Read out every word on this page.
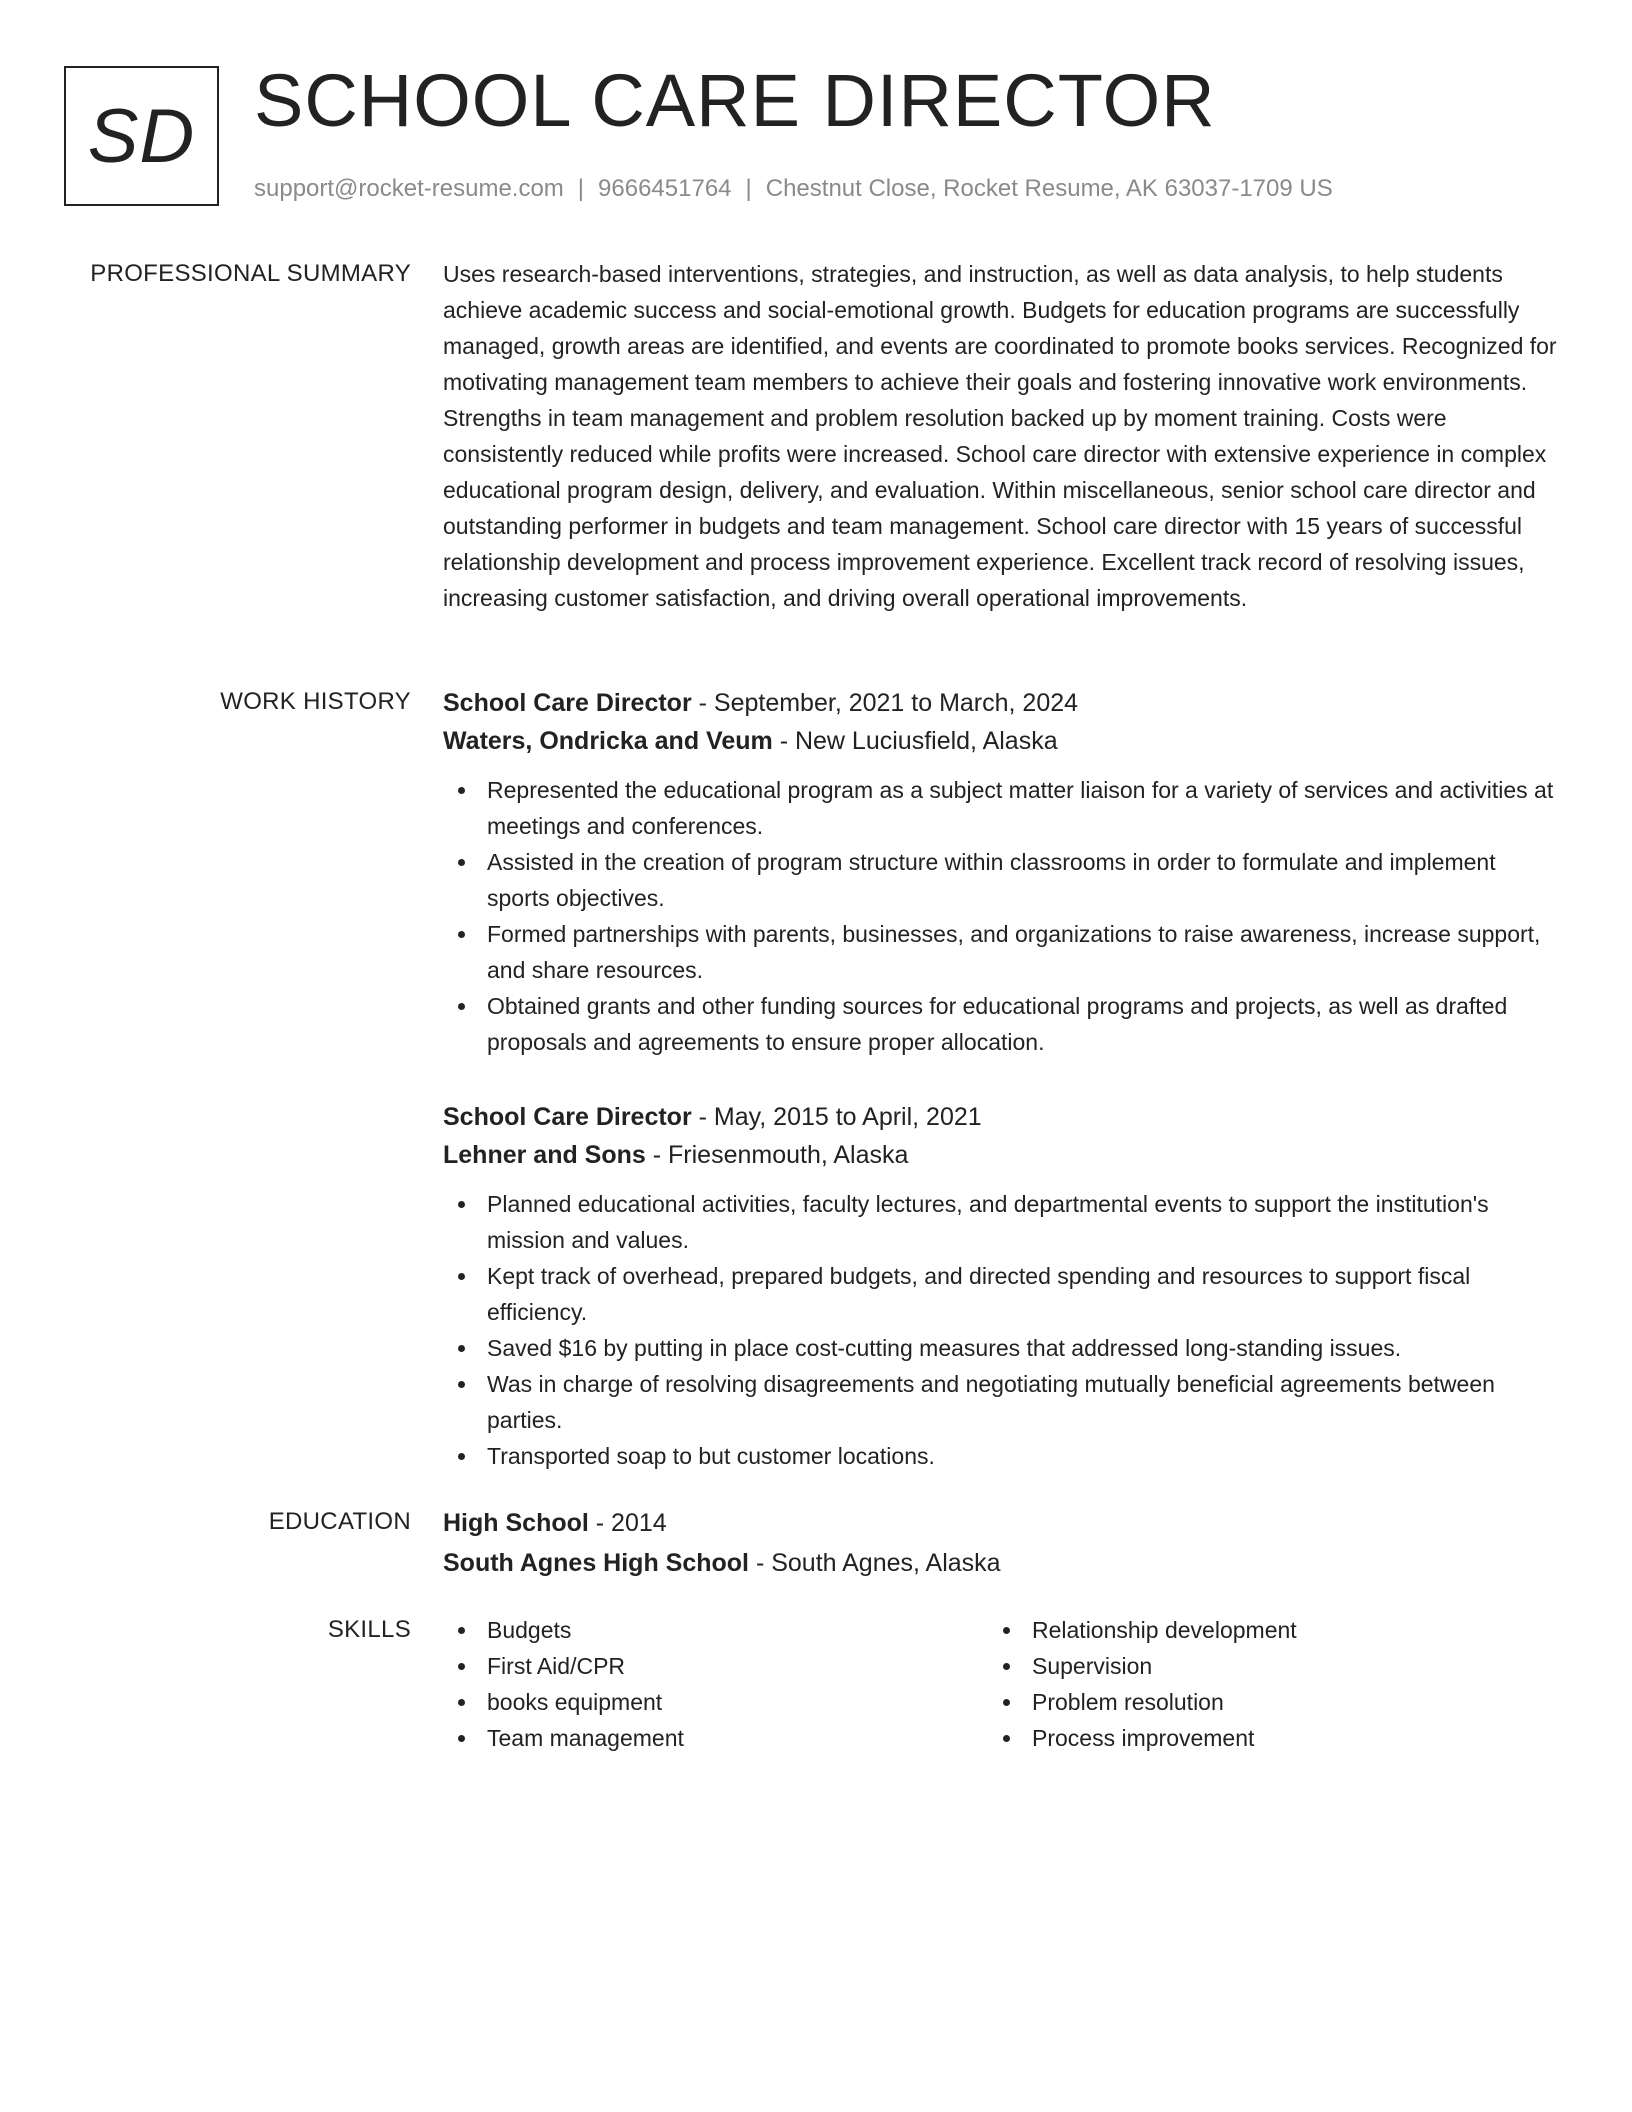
SD SCHOOL CARE DIRECTOR
support@rocket-resume.com | 9666451764 | Chestnut Close, Rocket Resume, AK 63037-1709 US
PROFESSIONAL SUMMARY Uses research-based interventions, strategies, and instruction, as well as data analysis, to help students achieve academic success and social-emotional growth. Budgets for education programs are successfully managed, growth areas are identified, and events are coordinated to promote books services. Recognized for motivating management team members to achieve their goals and fostering innovative work environments. Strengths in team management and problem resolution backed up by moment training. Costs were consistently reduced while profits were increased. School care director with extensive experience in complex educational program design, delivery, and evaluation. Within miscellaneous, senior school care director and outstanding performer in budgets and team management. School care director with 15 years of successful relationship development and process improvement experience. Excellent track record of resolving issues, increasing customer satisfaction, and driving overall operational improvements.

WORK HISTORY School Care Director - September, 2021 to March, 2024

Waters, Ondricka and Veum - New Luciusfield, Alaska

Represented the educational program as a subject matter liaison for a variety of services and activities at meetings and conferences.
Assisted in the creation of program structure within classrooms in order to formulate and implement sports objectives.
Formed partnerships with parents, businesses, and organizations to raise awareness, increase support, and share resources.
Obtained grants and other funding sources for educational programs and projects, as well as drafted proposals and agreements to ensure proper allocation.

School Care Director - May, 2015 to April, 2021

Lehner and Sons - Friesenmouth, Alaska

Planned educational activities, faculty lectures, and departmental events to support the institution's mission and values.
Kept track of overhead, prepared budgets, and directed spending and resources to support fiscal efficiency.
Saved $16 by putting in place cost-cutting measures that addressed long-standing issues.
Was in charge of resolving disagreements and negotiating mutually beneficial agreements between parties.
Transported soap to but customer locations.
EDUCATION High School - 2014

South Agnes High School - South Agnes, Alaska

SKILLS	Budgets
First Aid/CPR
books equipment
Team management
Relationship development
Supervision
Problem resolution
Process improvement
